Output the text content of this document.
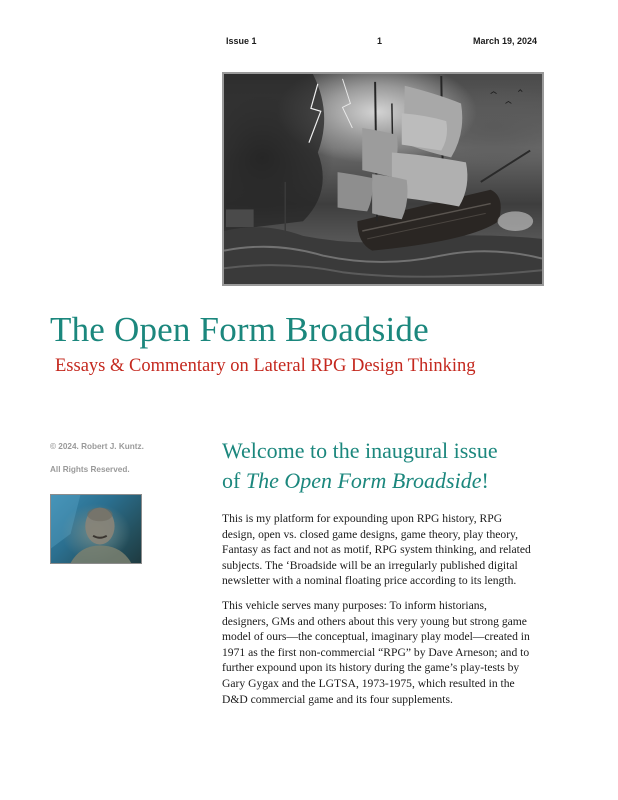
Issue 1	1	March 19, 2024
The Open Form Broadside
Essays & Commentary on Lateral RPG Design Thinking
© 2024. Robert J. Kuntz.
All Rights Reserved.
Welcome to the inaugural issue
of The Open Form Broadside!
This is my platform for expounding upon RPG history, RPG
design, open vs. closed game designs, game theory, play theory,
Fantasy as fact and not as motif, RPG system thinking, and related
subjects. The ‘Broadside will be an irregularly published digital
newsletter with a nominal floating price according to its length.
This vehicle serves many purposes: To inform historians,
designers, GMs and others about this very young but strong game
model of ours—the conceptual, imaginary play model—created in
1971 as the first non-commercial “RPG” by Dave Arneson; and to
further expound upon its history during the game’s play-tests by
Gary Gygax and the LGTSA, 1973-1975, which resulted in the
D&D commercial game and its four supplements.
